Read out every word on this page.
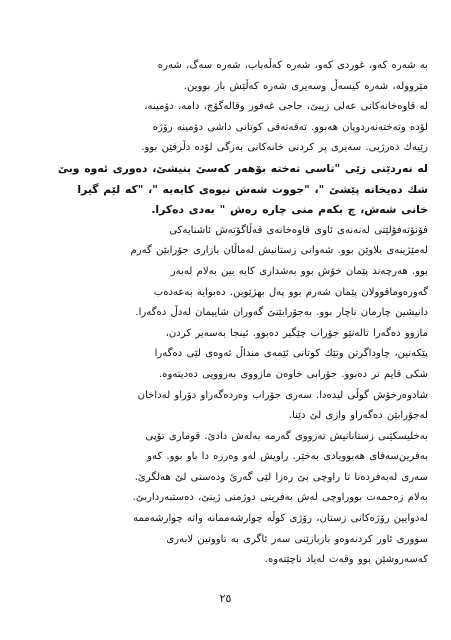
بە شەرە كەو، غوردى كەو، شەرە كەڵەباب، شەرە سەگ، شەرە
مێروولە، شەرە كیسەڵ وسەیری شەرە كەڵێش باز بووین.
لە قاوەخانەكانی عەلی زیبێ، حاجی غەفور وقالەگۆچ، دامە، دۆمینە،
لۆدە وتەختەنەردوپان هەبوو. تەقەتەقی كوتانی داشی دۆمینە رۆژە
رێیەك دەرژیی. سەیری پر كردنی خانەكانی بەرگی لۆدە دڵرفێن بوو.
لە نەردێنی زێی "تاسی تەختە بۆهەر كەسێ بنیشێ، دەوری ئەوە وبێ
شك دەیخاتە پێشێ "، "جووت شەش نیوەی كایەیە "، "كە لێم گیرا
خانی شەش، چ بكەم منی چارە رەش " بەدی دەكرا.
فۆنۆتەفۆلێتی لەنەنەی ئاوی قاوەخانەی قەڵاگۆتەش ئاشنایەكی
لەمێژینەی بلاوێن بوو. شەوانی زستانیش لەماڵان بازاری جۆرابێن گەرم
بوو. هەرچەند پێمان خۆش بوو بەشداری كایە بین بەلام لەبەر
گەورەوماقوولان پێمان شەرم بوو پەل بهژێوین. دەبوایە بەعەدەب
دانیشین چارمان ناچار بوو. بەجۆرابێنێ گەوران شاییمان لەدڵ دەگەرا.
مازوو دەگەرا تالەنێو جۆراب چێگیر دەبوو. ئینجا بەسەیر كردن،
پێكەنین، چاوداگرتن وتێك كوتانی ئێمەی منداڵ ئەوەی لێی دەگەرا
شكی قایم تر دەبوو. جۆرابی خاوەن مازووی بەزوویی دەدیتەوە.
شادوەرخۆش گوڵی لیدەدا. سەری جۆراب وەردەگەراو دۆراو لەداخان
لەجۆرابێن دەگەراو وازی لێ دێنا.
بەخلیسكێنی زستانانیش تەزووی گەرمە بەلەش دادێ. قوماری تۆپی
بەفرین‌سەفای هەبوویادی بەخێر. راویش لەو وەرزە دا باو بوو. كەو
سەری لەبەفردەنا تا راوچی بێ رەزا لێی گەرێ ودەستی لێ هەلگرێ.
بەلام زەحمەت بووراوچی لەش بەفرینی دوژمنی ژینێ، دەستبەرداربێ.
لەدوایین رۆژەكانی زستان، رۆژی كوڵە چوارشەممانە واتە چوارشەممە
سووری ئاور كردنەوەو بازبازێنی سەر ئاگری بە تاووتین لابەری
كەسەروشێن بوو وقەت لەیاد ناچێتەوە.
٢٥
